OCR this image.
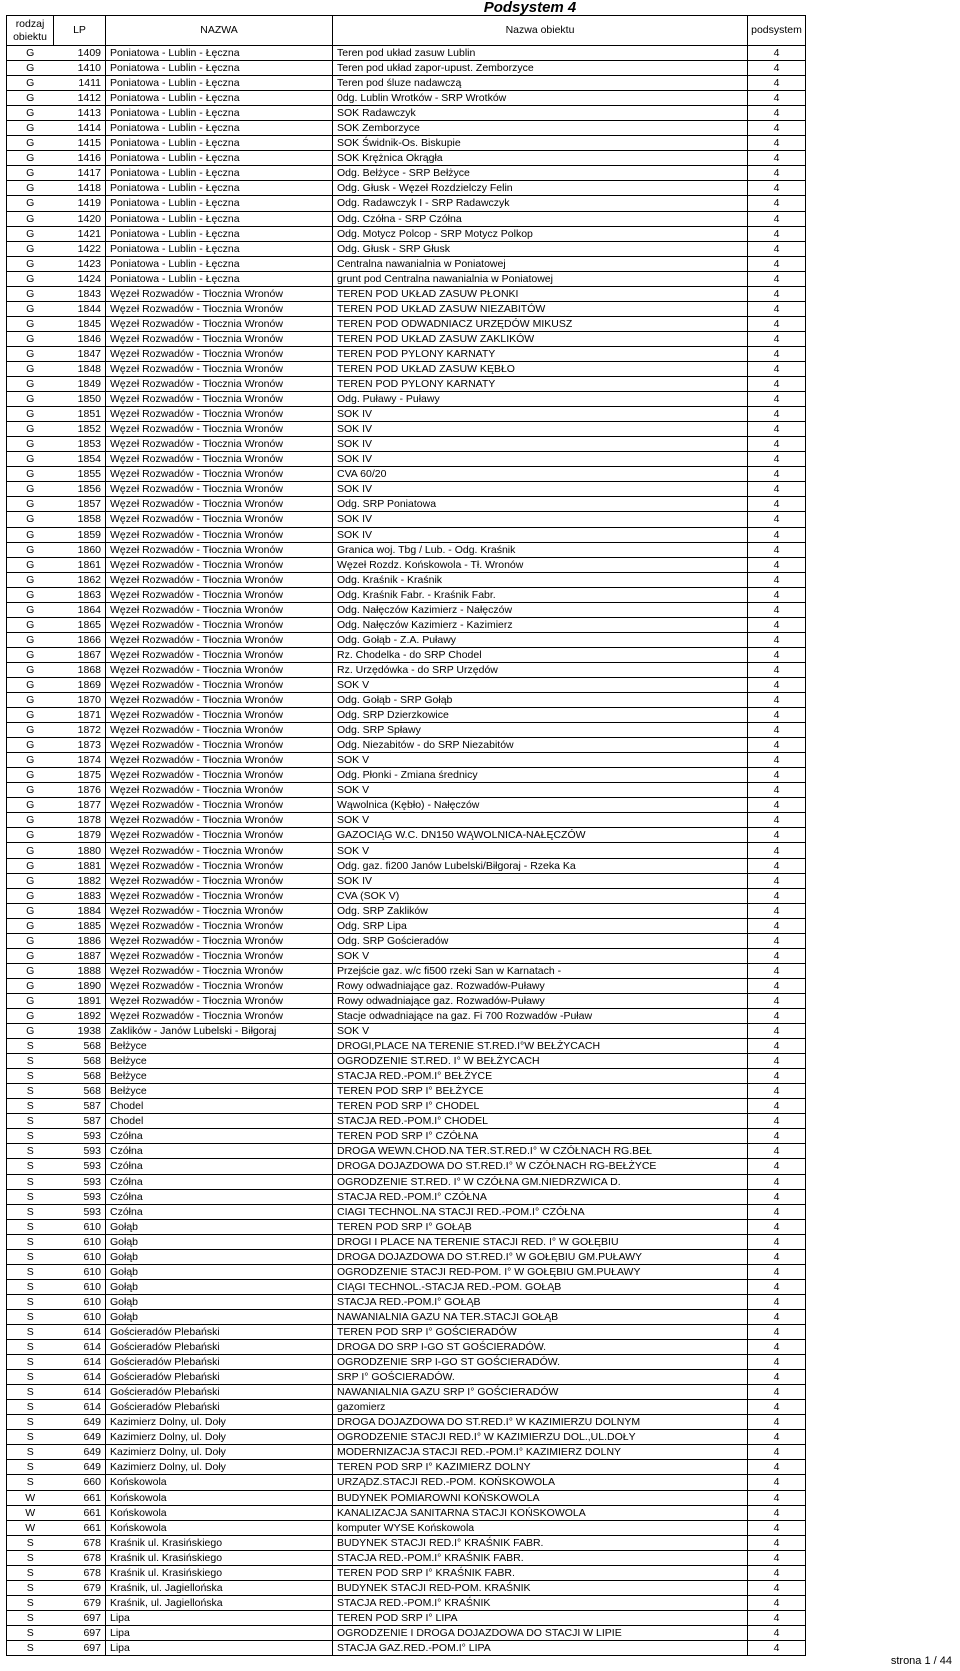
Podsystem 4
rodzaj obiektu	LP	NAZWA	Nazwa obiektu	podsystem
G	1409	Poniatowa - Lublin - Łęczna	Teren pod układ zasuw Lublin	4
G	1410	Poniatowa - Lublin - Łęczna	Teren pod układ zapor-upust. Zemborzyce	4
G	1411	Poniatowa - Lublin - Łęczna	Teren pod śluze nadawczą	4
G	1412	Poniatowa - Lublin - Łęczna	0dg. Lublin Wrotków - SRP Wrotków	4
G	1413	Poniatowa - Lublin - Łęczna	SOK Radawczyk	4
G	1414	Poniatowa - Lublin - Łęczna	SOK Zemborzyce	4
G	1415	Poniatowa - Lublin - Łęczna	SOK Świdnik-Os. Biskupie	4
G	1416	Poniatowa - Lublin - Łęczna	SOK Krężnica Okrągła	4
G	1417	Poniatowa - Lublin - Łęczna	Odg. Bełżyce - SRP Bełżyce	4
G	1418	Poniatowa - Lublin - Łęczna	Odg. Głusk - Węzeł Rozdzielczy Felin	4
G	1419	Poniatowa - Lublin - Łęczna	Odg. Radawczyk I - SRP Radawczyk	4
G	1420	Poniatowa - Lublin - Łęczna	Odg. Czółna - SRP Czółna	4
G	1421	Poniatowa - Lublin - Łęczna	Odg. Motycz Polcop - SRP Motycz Polkop	4
G	1422	Poniatowa - Lublin - Łęczna	Odg. Głusk - SRP Głusk	4
G	1423	Poniatowa - Lublin - Łęczna	Centralna nawanialnia w Poniatowej	4
G	1424	Poniatowa - Lublin - Łęczna	grunt pod Centralna nawanialnia w Poniatowej	4
G	1843	Węzeł Rozwadów - Tłocznia Wronów	TEREN POD UKŁAD ZASUW PŁONKI	4
G	1844	Węzeł Rozwadów - Tłocznia Wronów	TEREN POD UKŁAD ZASUW NIEZABITÓW	4
G	1845	Węzeł Rozwadów - Tłocznia Wronów	TEREN POD ODWADNIACZ URZĘDÓW MIKUSZ	4
G	1846	Węzeł Rozwadów - Tłocznia Wronów	TEREN POD UKŁAD ZASUW ZAKLIKÓW	4
G	1847	Węzeł Rozwadów - Tłocznia Wronów	TEREN POD PYLONY KARNATY	4
G	1848	Węzeł Rozwadów - Tłocznia Wronów	TEREN POD UKŁAD ZASUW KĘBŁO	4
G	1849	Węzeł Rozwadów - Tłocznia Wronów	TEREN POD PYLONY KARNATY	4
G	1850	Węzeł Rozwadów - Tłocznia Wronów	Odg. Puławy - Puławy	4
G	1851	Węzeł Rozwadów - Tłocznia Wronów	SOK IV	4
G	1852	Węzeł Rozwadów - Tłocznia Wronów	SOK IV	4
G	1853	Węzeł Rozwadów - Tłocznia Wronów	SOK IV	4
G	1854	Węzeł Rozwadów - Tłocznia Wronów	SOK IV	4
G	1855	Węzeł Rozwadów - Tłocznia Wronów	CVA 60/20	4
G	1856	Węzeł Rozwadów - Tłocznia Wronów	SOK IV	4
G	1857	Węzeł Rozwadów - Tłocznia Wronów	Odg. SRP Poniatowa	4
G	1858	Węzeł Rozwadów - Tłocznia Wronów	SOK IV	4
G	1859	Węzeł Rozwadów - Tłocznia Wronów	SOK IV	4
G	1860	Węzeł Rozwadów - Tłocznia Wronów	Granica woj. Tbg / Lub. - Odg. Kraśnik	4
G	1861	Węzeł Rozwadów - Tłocznia Wronów	Węzeł Rozdz. Końskowola - Tł. Wronów	4
G	1862	Węzeł Rozwadów - Tłocznia Wronów	Odg. Kraśnik - Kraśnik	4
G	1863	Węzeł Rozwadów - Tłocznia Wronów	Odg. Kraśnik Fabr. - Kraśnik Fabr.	4
G	1864	Węzeł Rozwadów - Tłocznia Wronów	Odg. Nałęczów Kazimierz - Nałęczów	4
G	1865	Węzeł Rozwadów - Tłocznia Wronów	Odg. Nałęczów Kazimierz - Kazimierz	4
G	1866	Węzeł Rozwadów - Tłocznia Wronów	Odg. Gołąb - Z.A. Puławy	4
G	1867	Węzeł Rozwadów - Tłocznia Wronów	Rz. Chodelka - do SRP Chodel	4
G	1868	Węzeł Rozwadów - Tłocznia Wronów	Rz. Urzędówka - do SRP Urzędów	4
G	1869	Węzeł Rozwadów - Tłocznia Wronów	SOK V	4
G	1870	Węzeł Rozwadów - Tłocznia Wronów	Odg. Gołąb - SRP Gołąb	4
G	1871	Węzeł Rozwadów - Tłocznia Wronów	Odg. SRP Dzierzkowice	4
G	1872	Węzeł Rozwadów - Tłocznia Wronów	Odg. SRP Spławy	4
G	1873	Węzeł Rozwadów - Tłocznia Wronów	Odg. Niezabitów - do SRP Niezabitów	4
G	1874	Węzeł Rozwadów - Tłocznia Wronów	SOK V	4
G	1875	Węzeł Rozwadów - Tłocznia Wronów	Odg. Płonki - Zmiana średnicy	4
G	1876	Węzeł Rozwadów - Tłocznia Wronów	SOK V	4
G	1877	Węzeł Rozwadów - Tłocznia Wronów	Wąwolnica (Kębło) - Nałęczów	4
G	1878	Węzeł Rozwadów - Tłocznia Wronów	SOK V	4
G	1879	Węzeł Rozwadów - Tłocznia Wronów	GAZOCIĄG W.C. DN150 WĄWOLNICA-NAŁĘCZÓW	4
G	1880	Węzeł Rozwadów - Tłocznia Wronów	SOK V	4
G	1881	Węzeł Rozwadów - Tłocznia Wronów	Odg. gaz. fi200 Janów Lubelski/Biłgoraj - Rzeka Ka	4
G	1882	Węzeł Rozwadów - Tłocznia Wronów	SOK IV	4
G	1883	Węzeł Rozwadów - Tłocznia Wronów	CVA (SOK V)	4
G	1884	Węzeł Rozwadów - Tłocznia Wronów	Odg. SRP Zaklików	4
G	1885	Węzeł Rozwadów - Tłocznia Wronów	Odg. SRP Lipa	4
G	1886	Węzeł Rozwadów - Tłocznia Wronów	Odg. SRP Gościeradów	4
G	1887	Węzeł Rozwadów - Tłocznia Wronów	SOK V	4
G	1888	Węzeł Rozwadów - Tłocznia Wronów	Przejście gaz. w/c fi500 rzeki San w Karnatach -	4
G	1890	Węzeł Rozwadów - Tłocznia Wronów	Rowy odwadniające gaz. Rozwadów-Puławy	4
G	1891	Węzeł Rozwadów - Tłocznia Wronów	Rowy odwadniające gaz. Rozwadów-Puławy	4
G	1892	Węzeł Rozwadów - Tłocznia Wronów	Stacje odwadniające na gaz. Fi 700 Rozwadów -Puław	4
G	1938	Zaklików - Janów Lubelski - Biłgoraj	SOK V	4
S	568	Bełżyce	DROGI,PLACE NA TERENIE ST.RED.I°W BEŁŻYCACH	4
S	568	Bełżyce	OGRODZENIE ST.RED. I° W BEŁŻYCACH	4
S	568	Bełżyce	STACJA RED.-POM.I° BEŁŻYCE	4
S	568	Bełżyce	TEREN POD SRP I° BEŁŻYCE	4
S	587	Chodel	TEREN POD SRP I° CHODEL	4
S	587	Chodel	STACJA RED.-POM.I° CHODEL	4
S	593	Czółna	TEREN POD SRP I° CZÓŁNA	4
S	593	Czółna	DROGA WEWN.CHOD.NA TER.ST.RED.I° W CZÓŁNACH RG.BEŁ	4
S	593	Czółna	DROGA DOJAZDOWA DO ST.RED.I° W CZÓŁNACH RG-BEŁŻYCE	4
S	593	Czółna	OGRODZENIE ST.RED. I° W CZÓŁNA GM.NIEDRZWICA D.	4
S	593	Czółna	STACJA RED.-POM.I° CZÓŁNA	4
S	593	Czółna	CIAGI TECHNOL.NA STACJI RED.-POM.I° CZÓŁNA	4
S	610	Gołąb	TEREN POD SRP I° GOŁĄB	4
S	610	Gołąb	DROGI I PLACE NA TERENIE STACJI RED. I° W GOŁĘBIU	4
S	610	Gołąb	DROGA DOJAZDOWA DO ST.RED.I° W GOŁĘBIU GM.PUŁAWY	4
S	610	Gołąb	OGRODZENIE STACJI RED-POM. I° W GOŁĘBIU GM.PUŁAWY	4
S	610	Gołąb	CIĄGI TECHNOL.-STACJA RED.-POM. GOŁĄB	4
S	610	Gołąb	STACJA RED.-POM.I° GOŁĄB	4
S	610	Gołąb	NAWANIALNIA GAZU NA TER.STACJI GOŁĄB	4
S	614	Gościeradów Plebański	TEREN POD SRP I° GOŚCIERADÓW	4
S	614	Gościeradów Plebański	DROGA DO SRP I-GO ST GOŚCIERADÓW.	4
S	614	Gościeradów Plebański	OGRODZENIE SRP I-GO ST GOŚCIERADÓW.	4
S	614	Gościeradów Plebański	SRP I° GOŚCIERADÓW.	4
S	614	Gościeradów Plebański	NAWANIALNIA GAZU SRP I° GOŚCIERADÓW	4
S	614	Gościeradów Plebański	gazomierz	4
S	649	Kazimierz Dolny, ul. Doły	DROGA DOJAZDOWA DO ST.RED.I° W KAZIMIERZU DOLNYM	4
S	649	Kazimierz Dolny, ul. Doły	OGRODZENIE STACJI RED.I° W KAZIMIERZU DOL.,UL.DOŁY	4
S	649	Kazimierz Dolny, ul. Doły	MODERNIZACJA STACJI RED.-POM.I° KAZIMIERZ DOLNY	4
S	649	Kazimierz Dolny, ul. Doły	TEREN POD SRP I° KAZIMIERZ DOLNY	4
S	660	Końskowola	URZĄDZ.STACJI RED.-POM. KOŃSKOWOLA	4
W	661	Końskowola	BUDYNEK POMIAROWNI KOŃSKOWOLA	4
W	661	Końskowola	KANALIZACJA SANITARNA STACJI KOŃSKOWOLA	4
W	661	Końskowola	komputer WYSE Końskowola	4
S	678	Kraśnik ul. Krasińskiego	BUDYNEK STACJI RED.I° KRAŚNIK FABR.	4
S	678	Kraśnik ul. Krasińskiego	STACJA RED.-POM.I° KRAŚNIK FABR.	4
S	678	Kraśnik ul. Krasińskiego	TEREN POD SRP I° KRAŚNIK FABR.	4
S	679	Kraśnik, ul. Jagiellońska	BUDYNEK STACJI RED-POM. KRAŚNIK	4
S	679	Kraśnik, ul. Jagiellońska	STACJA RED.-POM.I° KRAŚNIK	4
S	697	Lipa	TEREN POD SRP I° LIPA	4
S	697	Lipa	OGRODZENIE I DROGA DOJAZDOWA DO STACJI W LIPIE	4
S	697	Lipa	STACJA GAZ.RED.-POM.I° LIPA	4
strona 1 / 44
